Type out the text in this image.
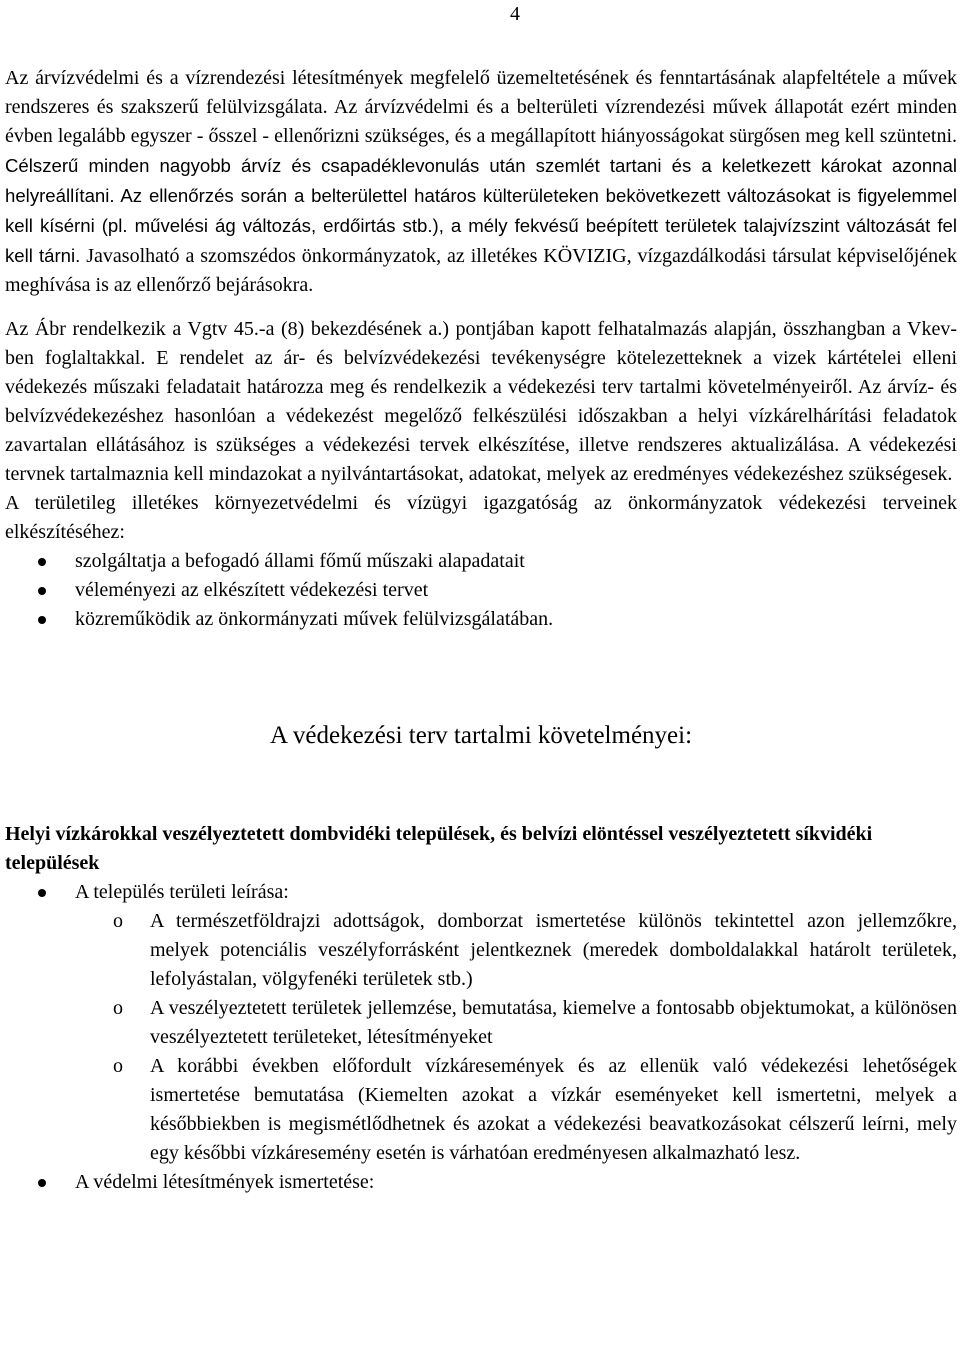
4

Az árvízvédelmi és a vízrendezési létesítmények megfelelő üzemeltetésének és fenntartásának alapfeltétele a művek rendszeres és szakszerű felülvizsgálata. Az árvízvédelmi és a belterületi vízrendezési művek állapotát ezért minden évben legalább egyszer - ősszel - ellenőrizni szükséges, és a megállapított hiányosságokat sürgősen meg kell szüntetni. Célszerű minden nagyobb árvíz és csapadéklevonulás után szemlét tartani és a keletkezett károkat azonnal helyreállítani. Az ellenőrzés során a belterülettel határos külterületeken bekövetkezett változásokat is figyelemmel kell kísérni (pl. művelési ág változás, erdőirtás stb.), a mély fekvésű beépített területek talajvízszint változását fel kell tárni. Javasolható a szomszédos önkormányzatok, az illetékes KÖVIZIG, vízgazdálkodási társulat képviselőjének meghívása is az ellenőrző bejárásokra.

Az Ábr rendelkezik a Vgtv 45.-a (8) bekezdésének a.) pontjában kapott felhatalmazás alapján, összhangban a Vkev-ben foglaltakkal. E rendelet az ár- és belvízvédekezési tevékenységre kötelezetteknek a vizek kártételei elleni védekezés műszaki feladatait határozza meg és rendelkezik a védekezési terv tartalmi követelményeiről. Az árvíz- és belvízvédekezéshez hasonlóan a védekezést megelőző felkészülési időszakban a helyi vízkárelhárítási feladatok zavartalan ellátásához is szükséges a védekezési tervek elkészítése, illetve rendszeres aktualizálása. A védekezési tervnek tartalmaznia kell mindazokat a nyilvántartásokat, adatokat, melyek az eredményes védekezéshez szükségesek.

A területileg illetékes környezetvédelmi és vízügyi igazgatóság az önkormányzatok védekezési terveinek elkészítéséhez:

szolgáltatja a befogadó állami főmű műszaki alapadatait
véleményezi az elkészített védekezési tervet
közreműködik az önkormányzati művek felülvizsgálatában.
A védekezési terv tartalmi követelményei:

Helyi vízkárokkal veszélyeztetett dombvidéki települések, és belvízi elöntéssel veszélyeztetett síkvidéki települések

A település területi leírása:
o A természetföldrajzi adottságok, domborzat ismertetése különös tekintettel azon jellemzőkre, melyek potenciális veszélyforrásként jelentkeznek (meredek domboldalakkal határolt területek, lefolyástalan, völgyfenéki területek stb.)
o A veszélyeztetett területek jellemzése, bemutatása, kiemelve a fontosabb objektumokat, a különösen veszélyeztetett területeket, létesítményeket
o A korábbi években előfordult vízkáresemények és az ellenük való védekezési lehetőségek ismertetése bemutatása (Kiemelten azokat a vízkár eseményeket kell ismertetni, melyek a későbbiekben is megismétlődhetnek és azokat a védekezési beavatkozásokat célszerű leírni, mely egy későbbi vízkáresemény esetén is várhatóan eredményesen alkalmazható lesz.
A védelmi létesítmények ismertetése:
